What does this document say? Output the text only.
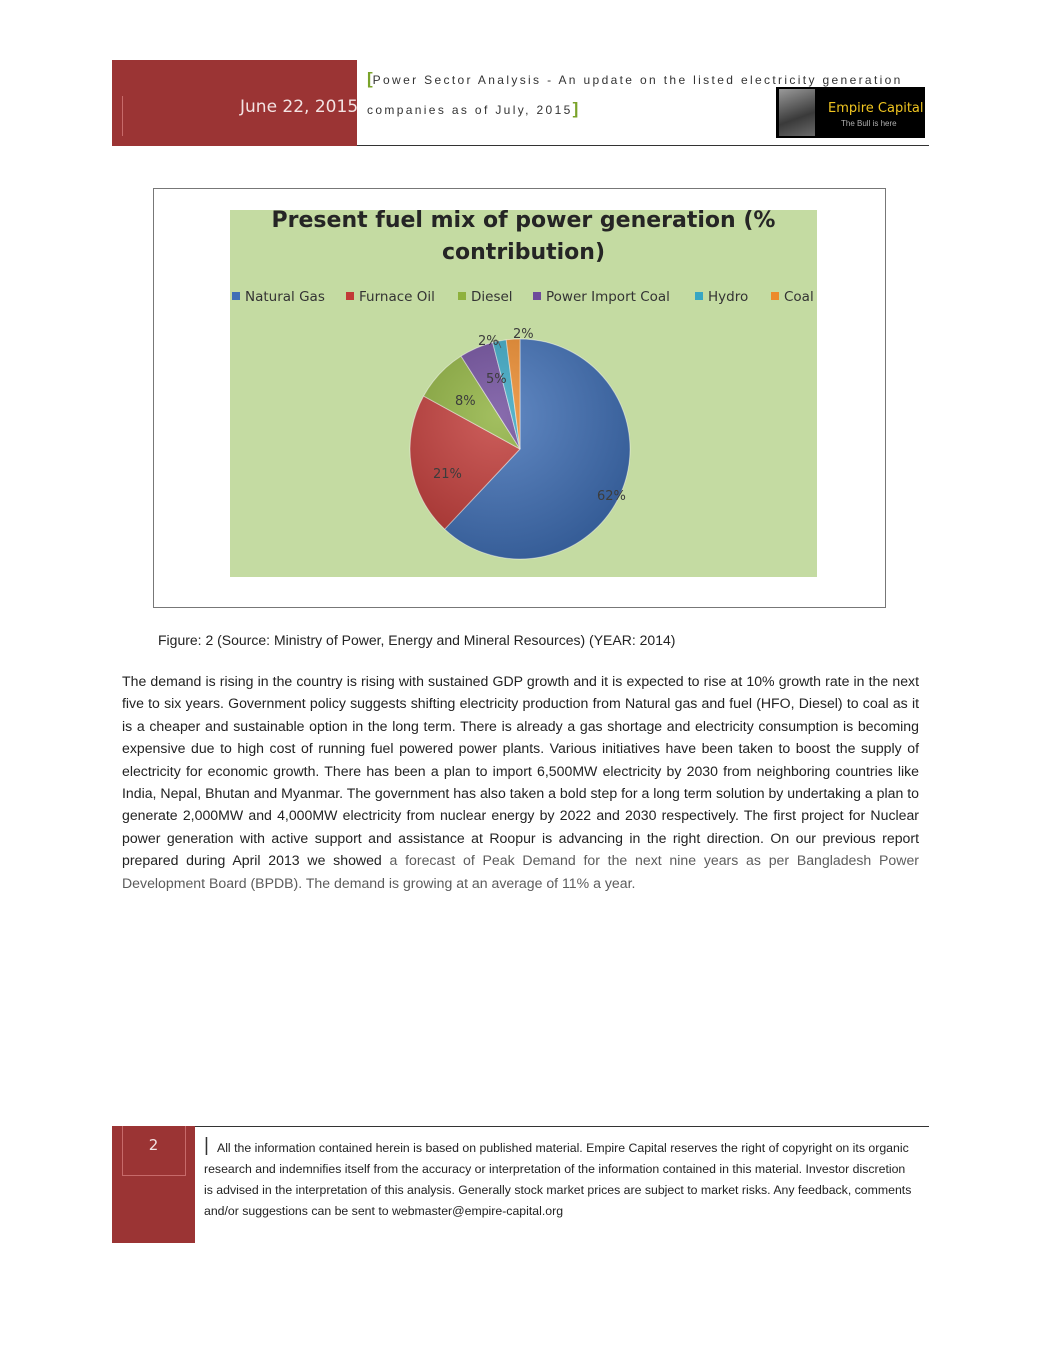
June 22, 2015
[Power Sector Analysis - An update on the listed electricity generation
companies as of July, 2015]	Empire Capital
The Bull is here
Present fuel mix of power generation (% contribution)
Natural Gas	Furnace Oil	Diesel	Power Import Coal	Hydro	Coal
62%
21%
8%
5%
2% 2%
Figure: 2 (Source: Ministry of Power, Energy and Mineral Resources) (YEAR: 2014)
The demand is rising in the country is rising with sustained GDP growth and it is expected to rise at 10% growth rate in the next five to six years. Government policy suggests shifting electricity production from Natural gas and fuel (HFO, Diesel) to coal as it is a cheaper and sustainable option in the long term. There is already a gas shortage and electricity consumption is becoming expensive due to high cost of running fuel powered power plants. Various initiatives have been taken to boost the supply of electricity for economic growth. There has been a plan to import 6,500MW electricity by 2030 from neighboring countries like India, Nepal, Bhutan and Myanmar. The government has also taken a bold step for a long term solution by undertaking a plan to generate 2,000MW and 4,000MW electricity from nuclear energy by 2022 and 2030 respectively. The first project for Nuclear power generation with active support and assistance at Roopur is advancing in the right direction. On our previous report prepared during April 2013 we showed a forecast of Peak Demand for the next nine years as per Bangladesh Power Development Board (BPDB). The demand is growing at an average of 11% a year.
2	| All the information contained herein is based on published material. Empire Capital reserves the right of copyright on its organic research and indemnifies itself from the accuracy or interpretation of the information contained in this material. Investor discretion is advised in the interpretation of this analysis. Generally stock market prices are subject to market risks. Any feedback, comments and/or suggestions can be sent to webmaster@empire-capital.org
